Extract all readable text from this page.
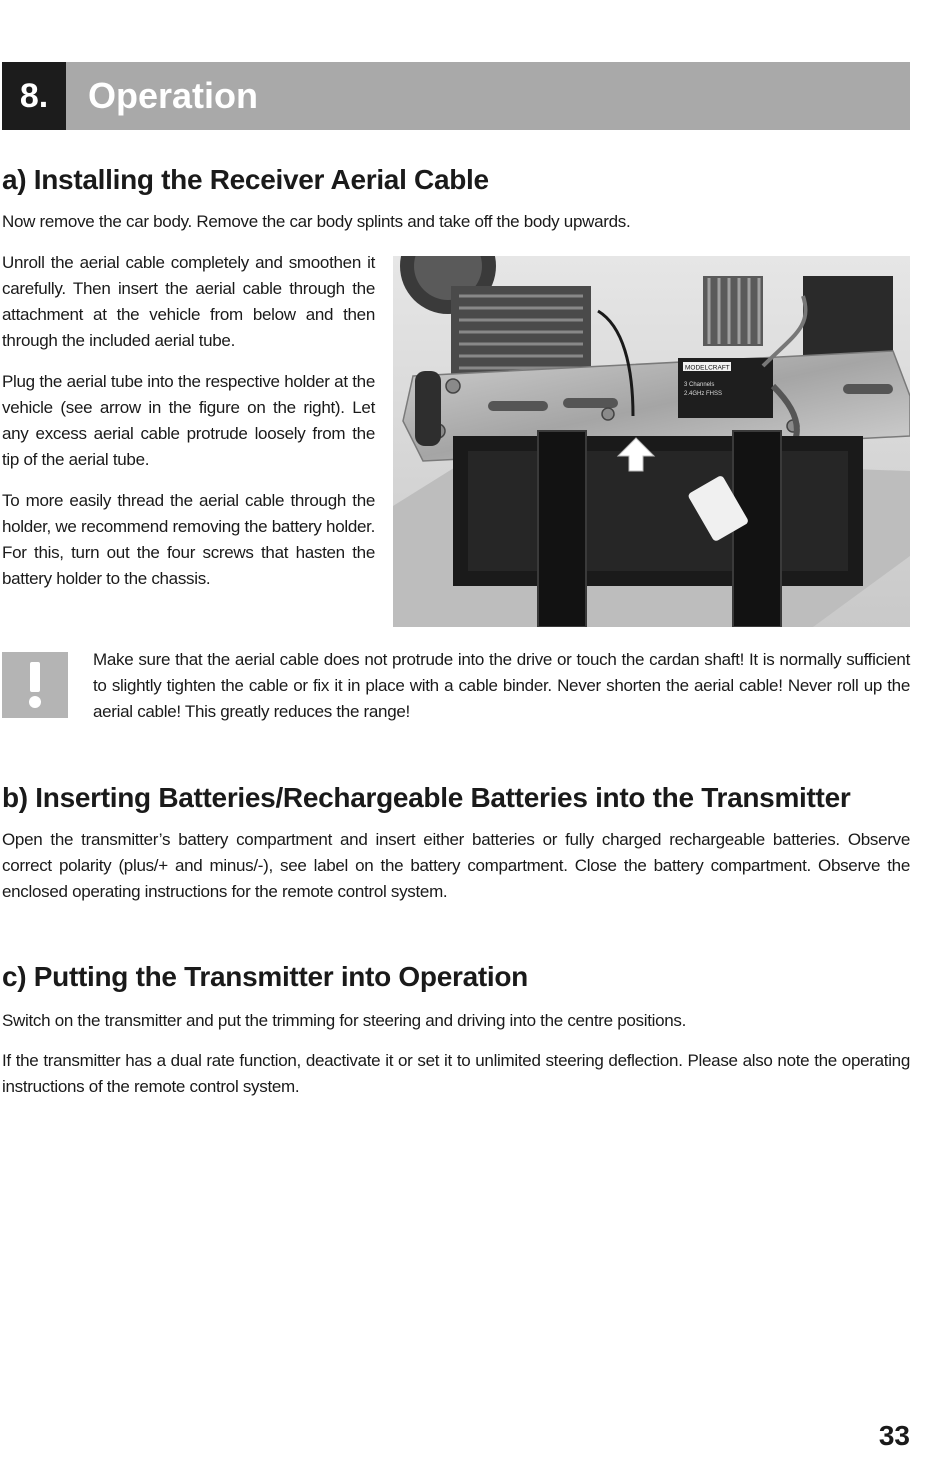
8.	Operation
a) Installing the Receiver Aerial Cable

Now remove the car body. Remove the car body splints and take off the body upwards.

Unroll the aerial cable completely and smoothen it carefully. Then insert the aerial cable through the attachment at the vehicle from below and then through the included aerial tube.

Plug the aerial tube into the respective holder at the vehicle (see arrow in the figure on the right). Let any excess aerial cable protrude loosely from the tip of the aerial tube.

To more easily thread the aerial cable through the holder, we recommend removing the battery holder. For this, turn out the four screws that hasten the battery holder to the chassis.

MODELCRAFT
3 Channels
2.4GHz FHSS

Make sure that the aerial cable does not protrude into the drive or touch the cardan shaft! It is normally sufficient to slightly tighten the cable or fix it in place with a cable binder. Never shorten the aerial cable! Never roll up the aerial cable! This greatly reduces the range!

b) Inserting Batteries/Rechargeable Batteries into the Transmitter

Open the transmitter’s battery compartment and insert either batteries or fully charged rechargeable batteries. Observe correct polarity (plus/+ and minus/-), see label on the battery compartment. Close the battery compartment. Observe the enclosed operating instructions for the remote control system.

c) Putting the Transmitter into Operation

Switch on the transmitter and put the trimming for steering and driving into the centre positions.

If the transmitter has a dual rate function, deactivate it or set it to unlimited steering deflection. Please also note the operating instructions of the remote control system.

33
